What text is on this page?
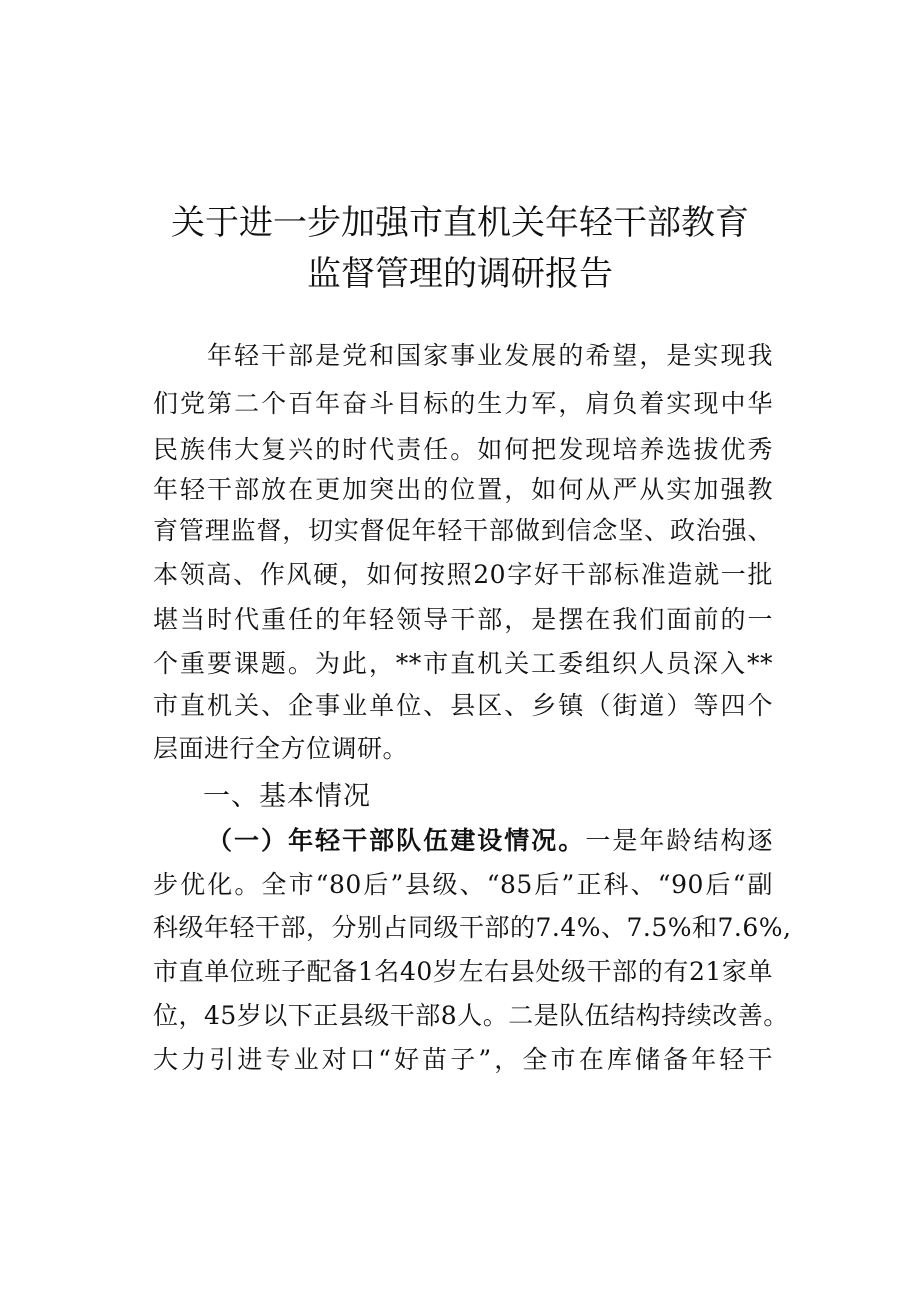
关于进一步加强市直机关年轻干部教育
监督管理的调研报告
年轻干部是党和国家事业发展的希望，是实现我
们党第二个百年奋斗目标的生力军，肩负着实现中华
民族伟大复兴的时代责任。如何把发现培养选拔优秀
年轻干部放在更加突出的位置，如何从严从实加强教
育管理监督，切实督促年轻干部做到信念坚、政治强、
本领高、作风硬，如何按照20字好干部标准造就一批
堪当时代重任的年轻领导干部，是摆在我们面前的一
个重要课题。为此，**市直机关工委组织人员深入**
市直机关、企事业单位、县区、乡镇（街道）等四个
层面进行全方位调研。
一、基本情况
（一）年轻干部队伍建设情况。一是年龄结构逐
步优化。全市“80后”县级、“85后”正科、“90后“副
科级年轻干部，分别占同级干部的7.4%、7.5%和7.6%,
市直单位班子配备1名40岁左右县处级干部的有21家单
位，45岁以下正县级干部8人。二是队伍结构持续改善。
大力引进专业对口“好苗子”，全市在库储备年轻干
